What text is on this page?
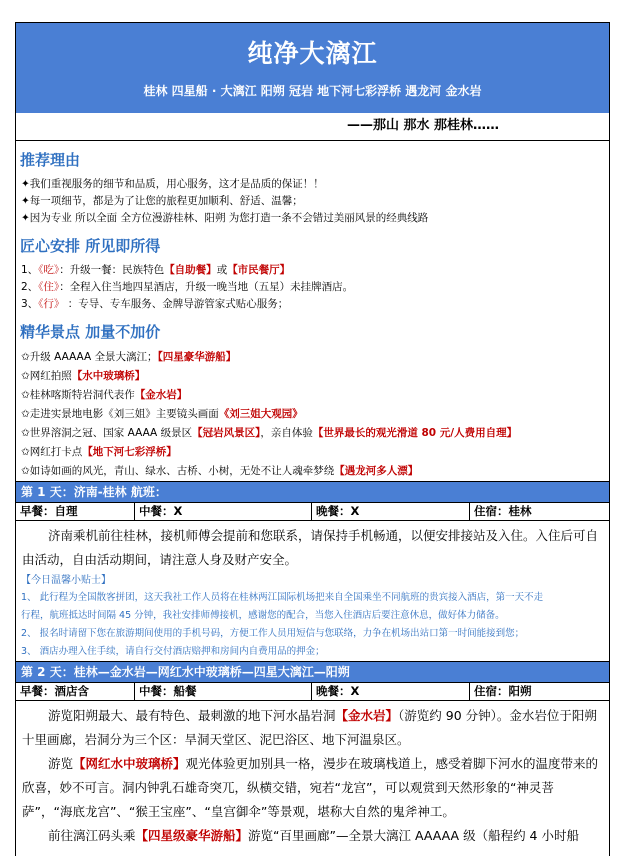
纯净大漓江
桂林 四星船 · 大漓江 阳朔 冠岩 地下河七彩浮桥 遇龙河 金水岩
——那山 那水 那桂林……
推荐理由
✦我们重视服务的细节和品质，用心服务，这才是品质的保证！！
✦每一项细节，都是为了让您的旅程更加顺利、舒适、温馨；
✦因为专业 所以全面 全方位漫游桂林、阳朔 为您打造一条不会错过美丽风景的经典线路
匠心安排 所见即所得
1、《吃》：升级一餐：民族特色【自助餐】或【市民餐厅】
2、《住》：全程入住当地四星酒店，升级一晚当地（五星）未挂牌酒店。
3、《行》 ：专导、专车服务、金牌导游管家式贴心服务；
精华景点 加量不加价
✩升级 AAAAA 全景大漓江；【四星豪华游船】
✩网红拍照【水中玻璃桥】
✩桂林喀斯特岩洞代表作【金水岩】
✩走进实景地电影《刘三姐》主要镜头画面《刘三姐大观园》
✩世界溶洞之冠、国家 AAAA 级景区【冠岩风景区】，亲自体验【世界最长的观光滑道 80 元/人费用自理】
✩网红打卡点【地下河七彩浮桥】
✩如诗如画的风光，青山、绿水、古桥、小树，无处不让人魂牵梦绕【遇龙河多人漂】
第 1 天：济南-桂林 航班：
早餐：自理	中餐：X	晚餐：X	住宿：桂林
济南乘机前往桂林，接机师傅会提前和您联系，请保持手机畅通，以便安排接站及入住。入住后可自由活动，自由活动期间，请注意人身及财产安全。
【今日温馨小贴士】
1、 此行程为全国散客拼团，这天我社工作人员将在桂林两江国际机场把来自全国乘坐不同航班的贵宾接入酒店，第一天不走
行程，航班抵达时间隔 45 分钟，我社安排师傅接机，感谢您的配合，当您入住酒店后要注意休息，做好体力储备。
2、 报名时请留下您在旅游期间使用的手机号码，方便工作人员用短信与您联络，力争在机场出站口第一时间能接到您；
3、 酒店办理入住手续，请自行交付酒店赔押和房间内自费用品的押金；
第 2 天：桂林—金水岩—网红水中玻璃桥—四星大漓江—阳朔
早餐：酒店含	中餐：船餐	晚餐：X	住宿：阳朔
游览阳朔最大、最有特色、最刺激的地下河水晶岩洞【金水岩】（游览约 90 分钟）。金水岩位于阳朔十里画廊，岩洞分为三个区：旱洞天堂区、泥巴浴区、地下河温泉区。
游览【网红水中玻璃桥】观光体验更加别具一格，漫步在玻璃栈道上，感受着脚下河水的温度带来的欣喜，妙不可言。洞内钟乳石雄奇突兀，纵横交错，宛若“龙宫”，可以观赏到天然形象的“神灵菩萨”，“海底龙宫”、“猴王宝座”、“皇宫御伞”等景观，堪称大自然的鬼斧神工。
前往漓江码头乘【四星级豪华游船】游览“百里画廊”—全景大漓江 AAAAA 级（船程约 4 小时船
